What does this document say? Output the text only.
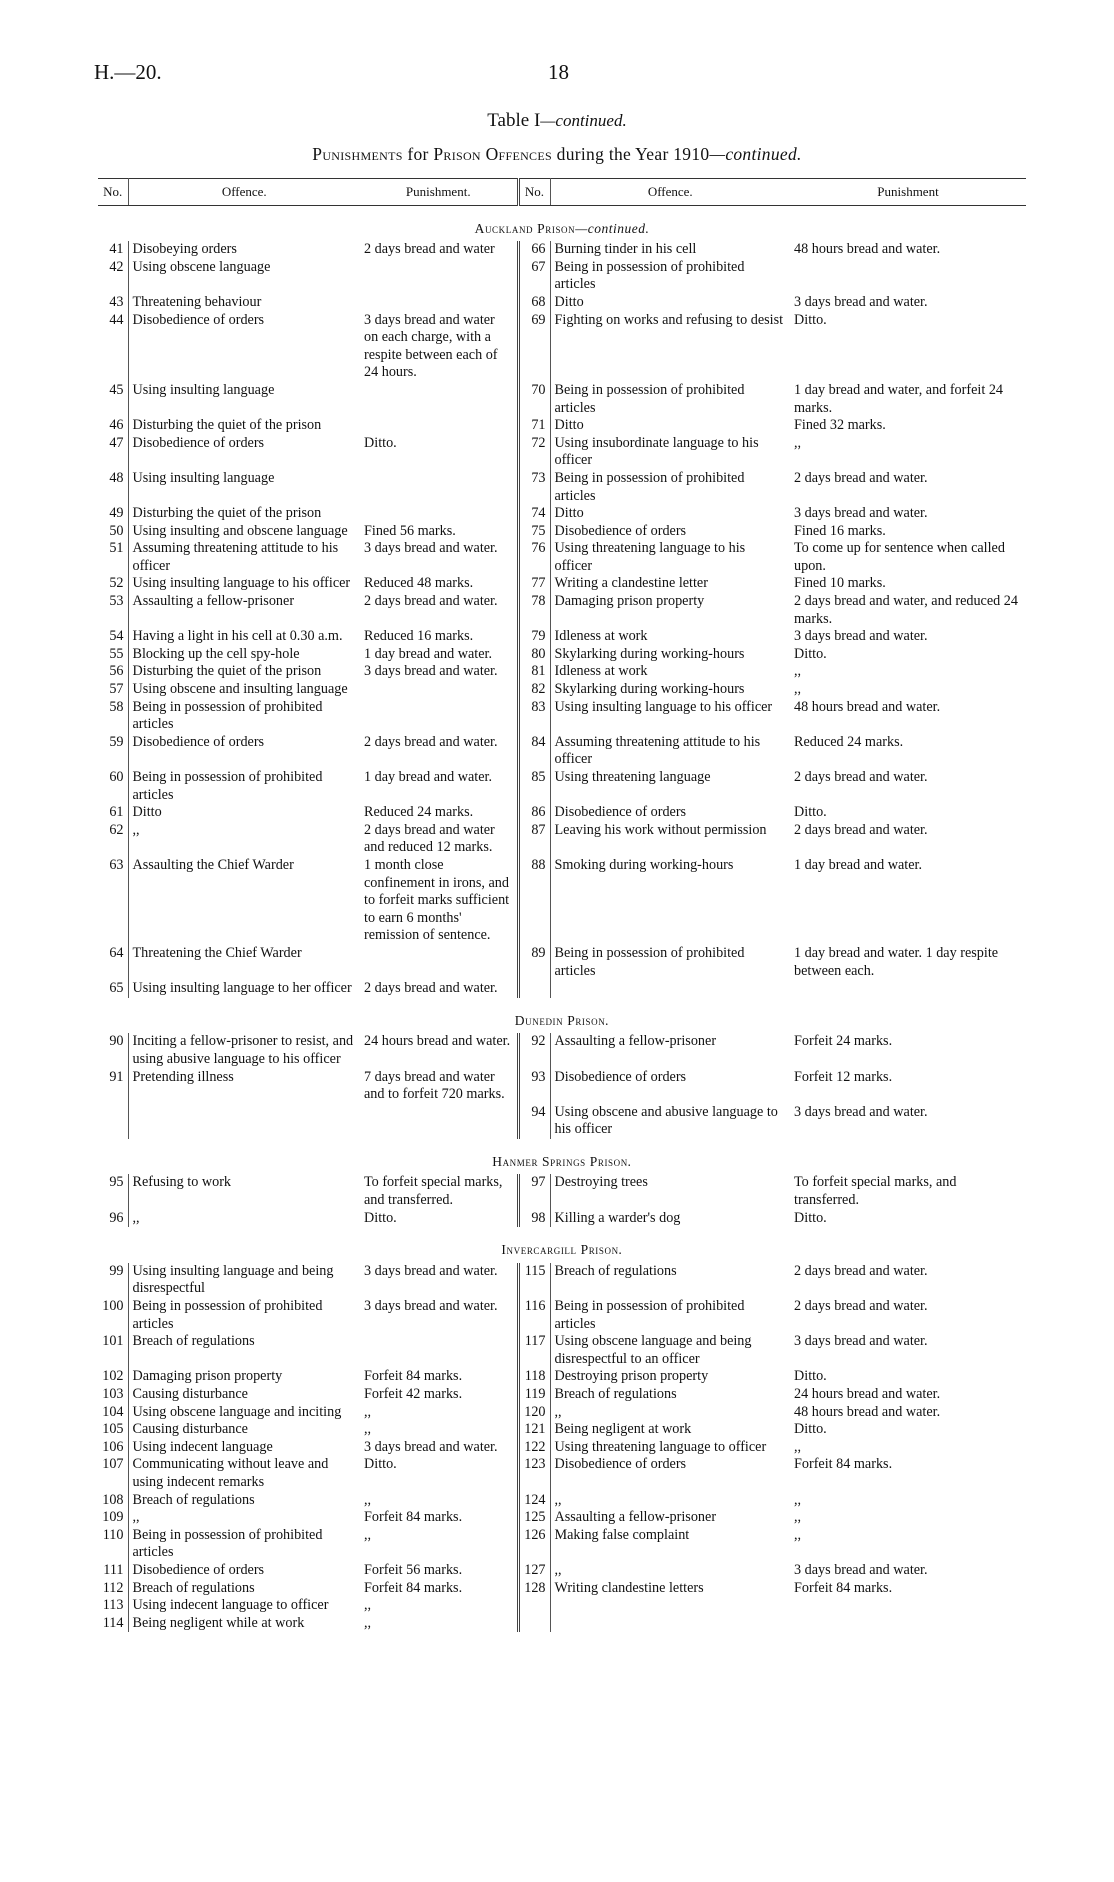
H.—20.	18
Table I—continued.
Punishments for Prison Offences during the Year 1910—continued.
No.	Offence.	Punishment.	No.	Offence.	Punishment
Auckland Prison—continued.					
41	Disobeying orders	2 days bread and water	66	Burning tinder in his cell	48 hours bread and water.
42	Using obscene language		67	Being in possession of prohibited articles	
43	Threatening behaviour		68	Ditto	3 days bread and water.
44	Disobedience of orders	3 days bread and water on each charge, with a respite between each of 24 hours.	69	Fighting on works and refusing to desist	Ditto.
45	Using insulting language		70	Being in possession of prohibited articles	1 day bread and water, and forfeit 24 marks.
46	Disturbing the quiet of the prison		71	Ditto	Fined 32 marks.
47	Disobedience of orders	Ditto.	72	Using insubordinate language to his officer	,,
48	Using insulting language		73	Being in possession of prohibited articles	2 days bread and water.
49	Disturbing the quiet of the prison		74	Ditto	3 days bread and water.
50	Using insulting and obscene language	Fined 56 marks.	75	Disobedience of orders	Fined 16 marks.
51	Assuming threatening attitude to his officer	3 days bread and water.	76	Using threatening language to his officer	To come up for sentence when called upon.
52	Using insulting language to his officer	Reduced 48 marks.	77	Writing a clandestine letter	Fined 10 marks.
53	Assaulting a fellow-prisoner	2 days bread and water.	78	Damaging prison property	2 days bread and water, and reduced 24 marks.
54	Having a light in his cell at 0.30 a.m.	Reduced 16 marks.	79	Idleness at work	3 days bread and water.
55	Blocking up the cell spy-hole	1 day bread and water.	80	Skylarking during working-hours	Ditto.
56	Disturbing the quiet of the prison	3 days bread and water.	81	Idleness at work	,,
57	Using obscene and insulting language		82	Skylarking during working-hours	,,
58	Being in possession of prohibited articles		83	Using insulting language to his officer	48 hours bread and water.
59	Disobedience of orders	2 days bread and water.	84	Assuming threatening attitude to his officer	Reduced 24 marks.
60	Being in possession of prohibited articles	1 day bread and water.	85	Using threatening language	2 days bread and water.
61	Ditto	Reduced 24 marks.	86	Disobedience of orders	Ditto.
62	,,	2 days bread and water and reduced 12 marks.	87	Leaving his work without permission	2 days bread and water.
63	Assaulting the Chief Warder	1 month close confinement in irons, and to forfeit marks sufficient to earn 6 months' remission of sentence.	88	Smoking during working-hours	1 day bread and water.
64	Threatening the Chief Warder		89	Being in possession of prohibited articles	1 day bread and water. 1 day respite between each.
65	Using insulting language to her officer	2 days bread and water.			
Dunedin Prison.					
90	Inciting a fellow-prisoner to resist, and using abusive language to his officer	24 hours bread and water.	92	Assaulting a fellow-prisoner	Forfeit 24 marks.
91	Pretending illness	7 days bread and water and to forfeit 720 marks.	93	Disobedience of orders	Forfeit 12 marks.
			94	Using obscene and abusive language to his officer	3 days bread and water.
Hanmer Springs Prison.					
95	Refusing to work	To forfeit special marks, and transferred.	97	Destroying trees	To forfeit special marks, and transferred.
96	,,	Ditto.	98	Killing a warder's dog	Ditto.
Invercargill Prison.					
99	Using insulting language and being disrespectful	3 days bread and water.	115	Breach of regulations	2 days bread and water.
100	Being in possession of prohibited articles	3 days bread and water.	116	Being in possession of prohibited articles	2 days bread and water.
101	Breach of regulations		117	Using obscene language and being disrespectful to an officer	3 days bread and water.
102	Damaging prison property	Forfeit 84 marks.	118	Destroying prison property	Ditto.
103	Causing disturbance	Forfeit 42 marks.	119	Breach of regulations	24 hours bread and water.
104	Using obscene language and inciting	,,	120	,,	48 hours bread and water.
105	Causing disturbance	,,	121	Being negligent at work	Ditto.
106	Using indecent language	3 days bread and water.	122	Using threatening language to officer	,,
107	Communicating without leave and using indecent remarks	Ditto.	123	Disobedience of orders	Forfeit 84 marks.
108	Breach of regulations	,,	124	,,	,,
109	,,	Forfeit 84 marks.	125	Assaulting a fellow-prisoner	,,
110	Being in possession of prohibited articles	,,	126	Making false complaint	,,
111	Disobedience of orders	Forfeit 56 marks.	127	,,	3 days bread and water.
112	Breach of regulations	Forfeit 84 marks.	128	Writing clandestine letters	Forfeit 84 marks.
113	Using indecent language to officer	,,			
114	Being negligent while at work	,,			
